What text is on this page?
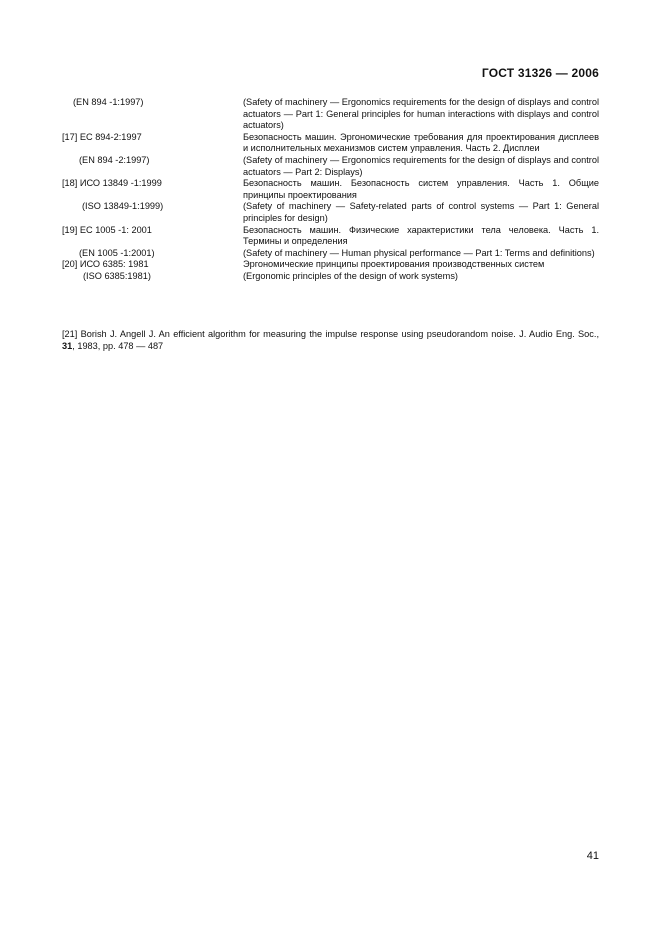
ГОСТ 31326 — 2006
(EN 894 -1:1997)	(Safety of machinery — Ergonomics requirements for the design of displays and control actuators — Part 1: General principles for human interactions with displays and control actuators)
[17] EC 894-2:1997	Безопасность машин. Эргономические требования для проектирования дисплеев и исполнительных механизмов систем управления. Часть 2. Дисплеи
(EN 894 -2:1997)	(Safety of machinery — Ergonomics requirements for the design of displays and control actuators — Part 2: Displays)
[18] ИСО 13849 -1:1999	Безопасность машин. Безопасность систем управления. Часть 1. Общие принципы проектирования
(ISO 13849-1:1999)	(Safety of machinery — Safety-related parts of control systems — Part 1: General principles for design)
[19] EC 1005 -1: 2001	Безопасность машин. Физические характеристики тела человека. Часть 1. Термины и определения
(EN 1005 -1:2001)	(Safety of machinery — Human physical performance — Part 1: Terms and definitions)
[20] ИСО 6385: 1981	Эргономические принципы проектирования производственных систем
(ISO 6385:1981)	(Ergonomic principles of the design of work systems)
[21] Borish J. Angell J. An efficient algorithm for measuring the impulse response using pseudorandom noise. J. Audio Eng. Soc., 31, 1983, pp. 478 — 487
41
